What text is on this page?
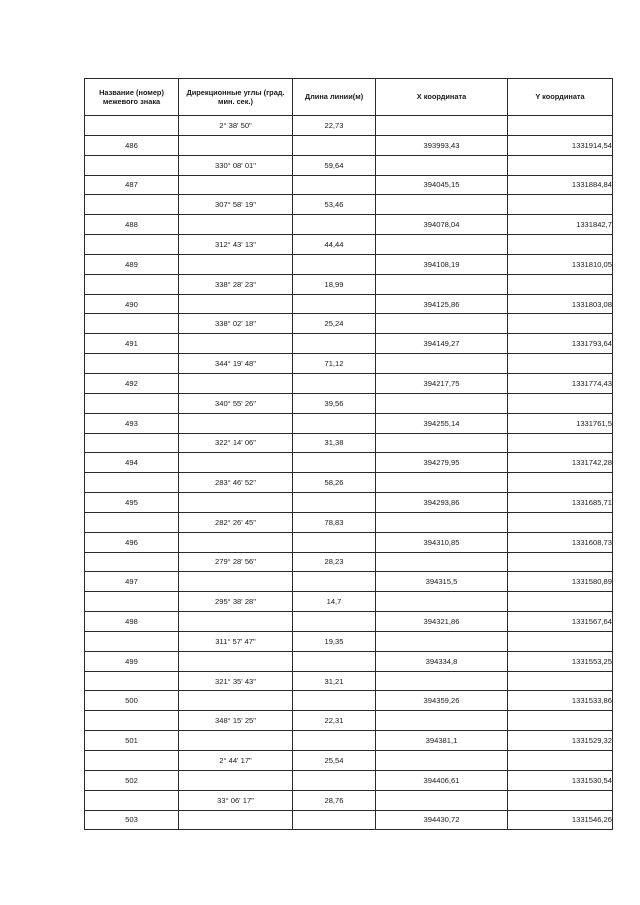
Название (номер) межевого знака	Дирекционные углы (град. мин. сек.)	Длина линии(м)	X координата	Y координата
	2° 38' 50"	22,73		
486			393993,43	1331914,54
	330° 08' 01"	59,64		
487			394045,15	1331884,84
	307° 58' 19"	53,46		
488			394078,04	1331842,7
	312° 43' 13"	44,44		
489			394108,19	1331810,05
	338° 28' 23"	18,99		
490			394125,86	1331803,08
	338° 02' 18"	25,24		
491			394149,27	1331793,64
	344° 19' 48"	71,12		
492			394217,75	1331774,43
	340° 55' 26"	39,56		
493			394255,14	1331761,5
	322° 14' 06"	31,38		
494			394279,95	1331742,28
	283° 46' 52"	58,26		
495			394293,86	1331685,71
	282° 26' 45"	78,83		
496			394310,85	1331608,73
	279° 28' 56"	28,23		
497			394315,5	1331580,89
	295° 38' 28"	14,7		
498			394321,86	1331567,64
	311° 57' 47"	19,35		
499			394334,8	1331553,25
	321° 35' 43"	31,21		
500			394359,26	1331533,86
	348° 15' 25"	22,31		
501			394381,1	1331529,32
	2° 44' 17"	25,54		
502			394406,61	1331530,54
	33° 06' 17"	28,76		
503			394430,72	1331546,26
